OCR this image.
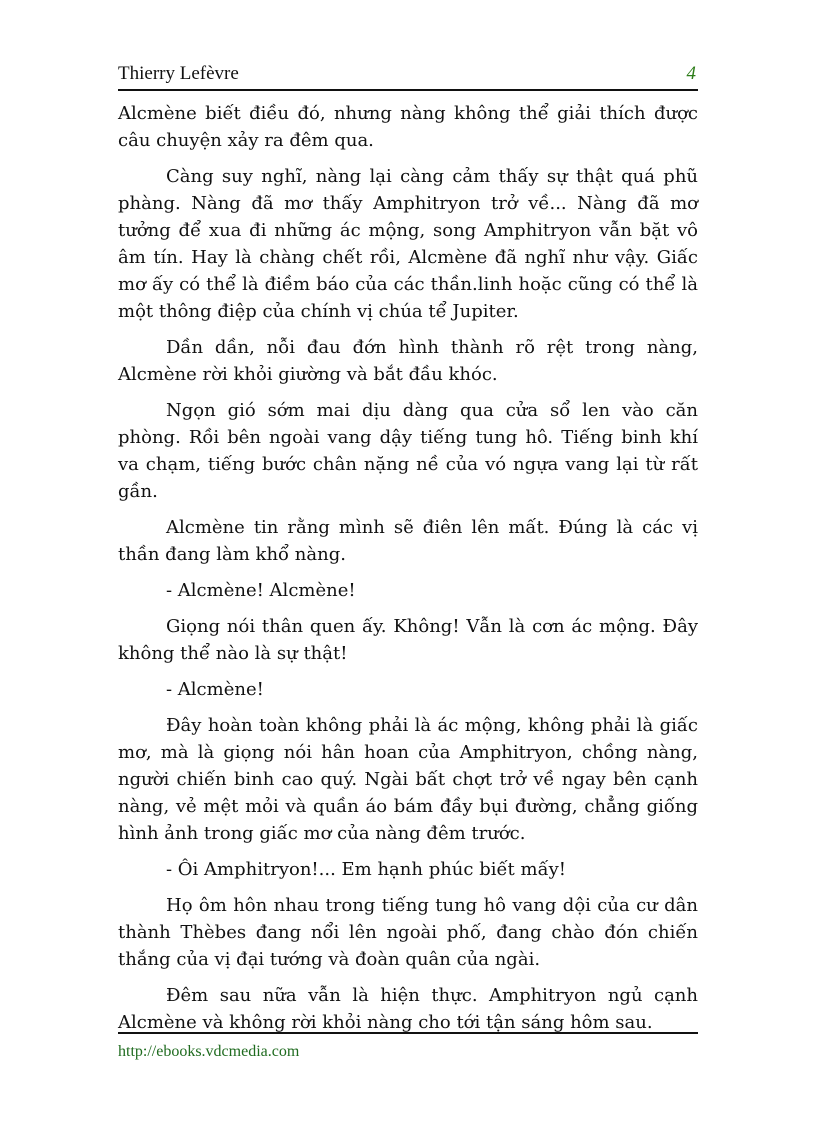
Thierry Lefèvre	4

Alcmène biết điều đó, nhưng nàng không thể giải thích được câu chuyện xảy ra đêm qua.

Càng suy nghĩ, nàng lại càng cảm thấy sự thật quá phũ phàng. Nàng đã mơ thấy Amphitryon trở về... Nàng đã mơ tưởng để xua đi những ác mộng, song Amphitryon vẫn bặt vô âm tín. Hay là chàng chết rồi, Alcmène đã nghĩ như vậy. Giấc mơ ấy có thể là điềm báo của các thần.linh hoặc cũng có thể là một thông điệp của chính vị chúa tể Jupiter.

Dần dần, nỗi đau đớn hình thành rõ rệt trong nàng, Alcmène rời khỏi giường và bắt đầu khóc.

Ngọn gió sớm mai dịu dàng qua cửa sổ len vào căn phòng. Rồi bên ngoài vang dậy tiếng tung hô. Tiếng binh khí va chạm, tiếng bước chân nặng nề của vó ngựa vang lại từ rất gần.

Alcmène tin rằng mình sẽ điên lên mất. Đúng là các vị thần đang làm khổ nàng.

- Alcmène! Alcmène!

Giọng nói thân quen ấy. Không! Vẫn là cơn ác mộng. Đây không thể nào là sự thật!

- Alcmène!

Đây hoàn toàn không phải là ác mộng, không phải là giấc mơ, mà là giọng nói hân hoan của Amphitryon, chồng nàng, người chiến binh cao quý. Ngài bất chợt trở về ngay bên cạnh nàng, vẻ mệt mỏi và quần áo bám đầy bụi đường, chẳng giống hình ảnh trong giấc mơ của nàng đêm trước.

- Ôi Amphitryon!... Em hạnh phúc biết mấy!

Họ ôm hôn nhau trong tiếng tung hô vang dội của cư dân thành Thèbes đang nổi lên ngoài phố, đang chào đón chiến thắng của vị đại tướng và đoàn quân của ngài.

Đêm sau nữa vẫn là hiện thực. Amphitryon ngủ cạnh Alcmène và không rời khỏi nàng cho tới tận sáng hôm sau.

http://ebooks.vdcmedia.com
